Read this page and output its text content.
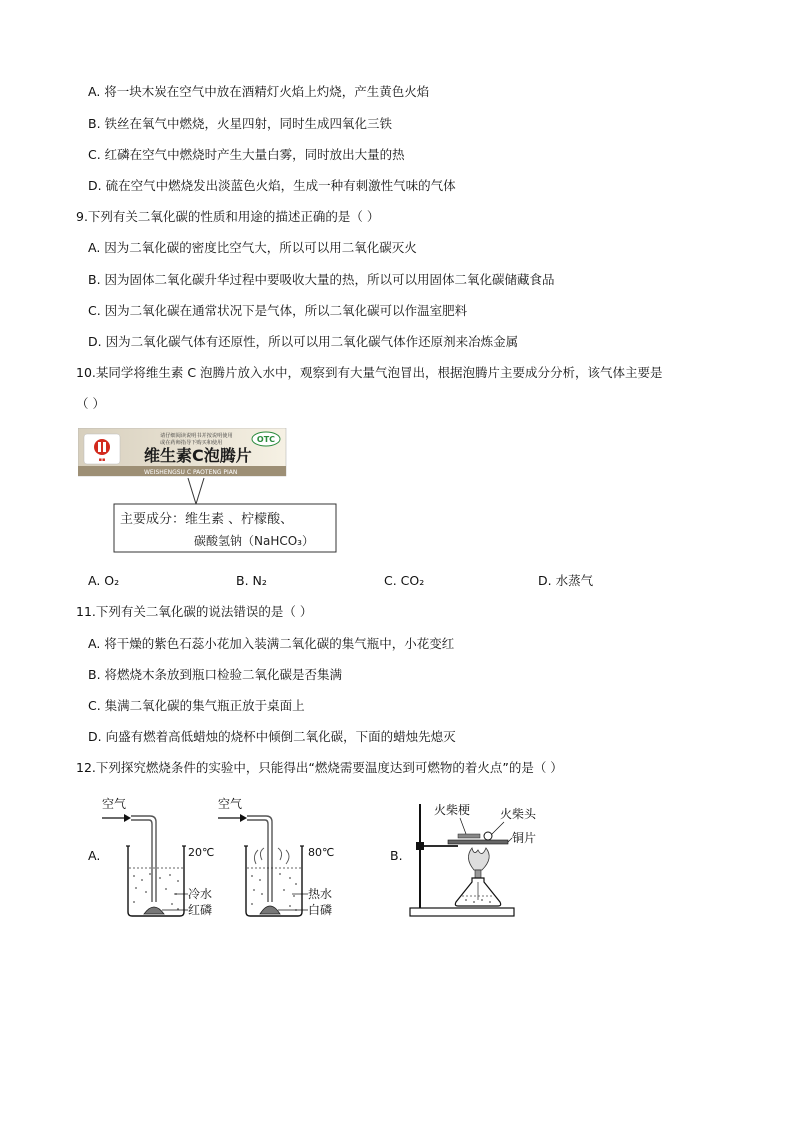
A. 将一块木炭在空气中放在酒精灯火焰上灼烧，产生黄色火焰
B. 铁丝在氧气中燃烧，火星四射，同时生成四氧化三铁
C. 红磷在空气中燃烧时产生大量白雾，同时放出大量的热
D. 硫在空气中燃烧发出淡蓝色火焰，生成一种有刺激性气味的气体
9.下列有关二氧化碳的性质和用途的描述正确的是（ ）
A. 因为二氧化碳的密度比空气大，所以可以用二氧化碳灭火
B. 因为固体二氧化碳升华过程中要吸收大量的热，所以可以用固体二氧化碳储藏食品
C. 因为二氧化碳在通常状况下是气体，所以二氧化碳可以作温室肥料
D. 因为二氧化碳气体有还原性，所以可以用二氧化碳气体作还原剂来冶炼金属
10.某同学将维生素 C 泡腾片放入水中，观察到有大量气泡冒出，根据泡腾片主要成分分析，该气体主要是
（ ）
▪▪
请仔细阅读说明书并按说明使用
或在药师指导下购买和使用	OTC
维生素C泡腾片
WEISHENGSU C PAOTENG PIAN
主要成分：维生素 、柠檬酸、
碳酸氢钠（NaHCO₃）
A. O₂	B. N₂	C. CO₂	D. 水蒸气
11.下列有关二氧化碳的说法错误的是（ ）
A. 将干燥的紫色石蕊小花加入装满二氧化碳的集气瓶中，小花变红
B. 将燃烧木条放到瓶口检验二氧化碳是否集满
C. 集满二氧化碳的集气瓶正放于桌面上
D. 向盛有燃着高低蜡烛的烧杯中倾倒二氧化碳，下面的蜡烛先熄灭
12.下列探究燃烧条件的实验中，只能得出“燃烧需要温度达到可燃物的着火点”的是（ ）
A.
空气
20℃
冷水
红磷
空气
80℃
热水
白磷
B.
火柴梗 火柴头
铜片
